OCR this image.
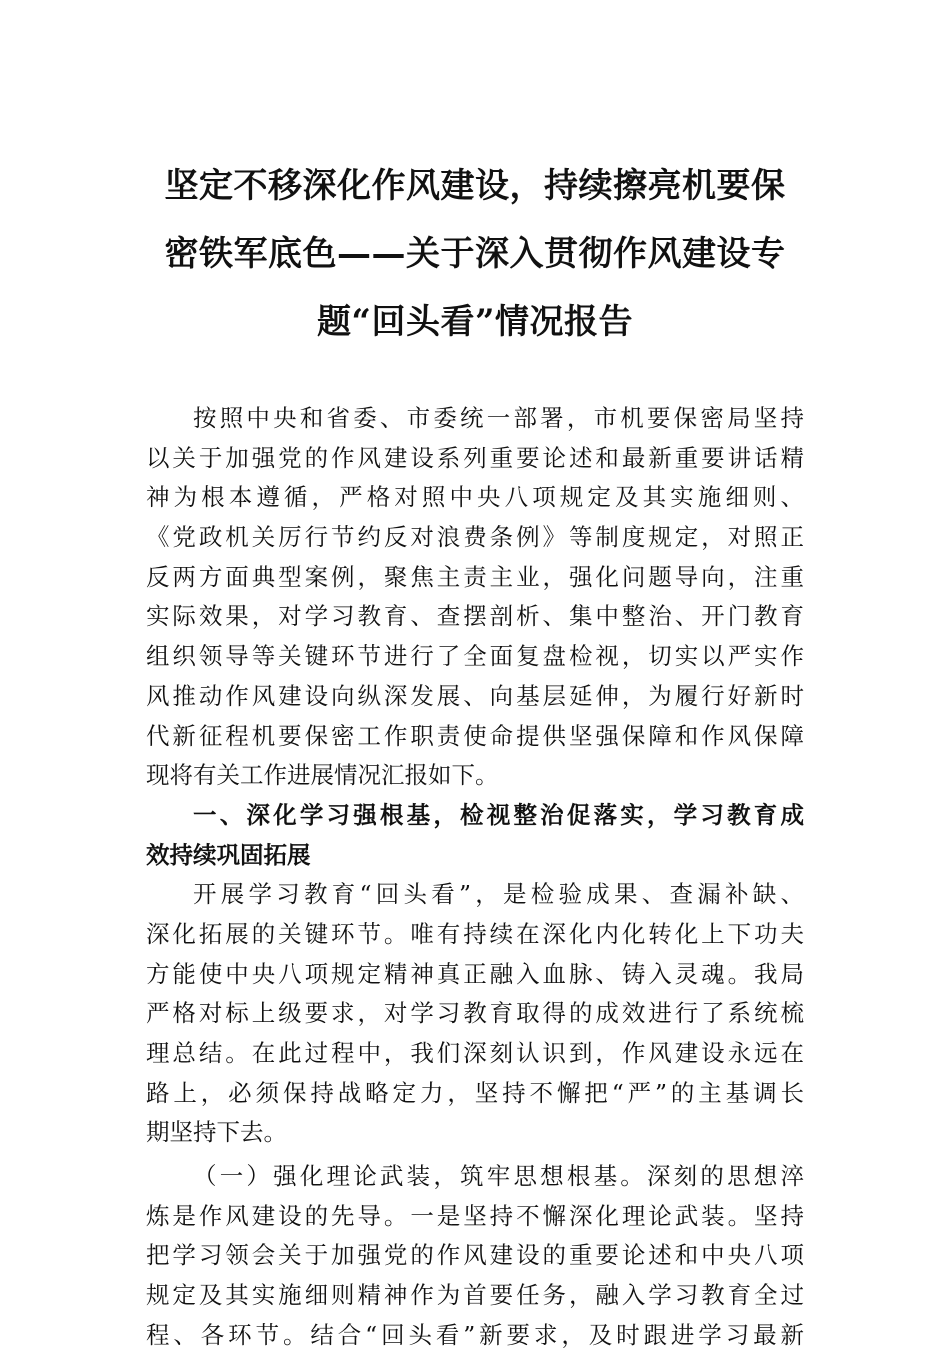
坚定不移深化作风建设，持续擦亮机要保
密铁军底色——关于深入贯彻作风建设专
题“回头看”情况报告
按照中央和省委、市委统一部署，市机要保密局坚持
以关于加强党的作风建设系列重要论述和最新重要讲话精
神为根本遵循，严格对照中央八项规定及其实施细则、
《党政机关厉行节约反对浪费条例》等制度规定，对照正
反两方面典型案例，聚焦主责主业，强化问题导向，注重
实际效果，对学习教育、查摆剖析、集中整治、开门教育
组织领导等关键环节进行了全面复盘检视，切实以严实作
风推动作风建设向纵深发展、向基层延伸，为履行好新时
代新征程机要保密工作职责使命提供坚强保障和作风保障
现将有关工作进展情况汇报如下。
一、深化学习强根基，检视整治促落实，学习教育成
效持续巩固拓展
开展学习教育“回头看”，是检验成果、查漏补缺、
深化拓展的关键环节。唯有持续在深化内化转化上下功夫
方能使中央八项规定精神真正融入血脉、铸入灵魂。我局
严格对标上级要求，对学习教育取得的成效进行了系统梳
理总结。在此过程中，我们深刻认识到，作风建设永远在
路上，必须保持战略定力，坚持不懈把“严”的主基调长
期坚持下去。
（一）强化理论武装，筑牢思想根基。深刻的思想淬
炼是作风建设的先导。一是坚持不懈深化理论武装。坚持
把学习领会关于加强党的作风建设的重要论述和中央八项
规定及其实施细则精神作为首要任务，融入学习教育全过
程、各环节。结合“回头看”新要求，及时跟进学习最新
